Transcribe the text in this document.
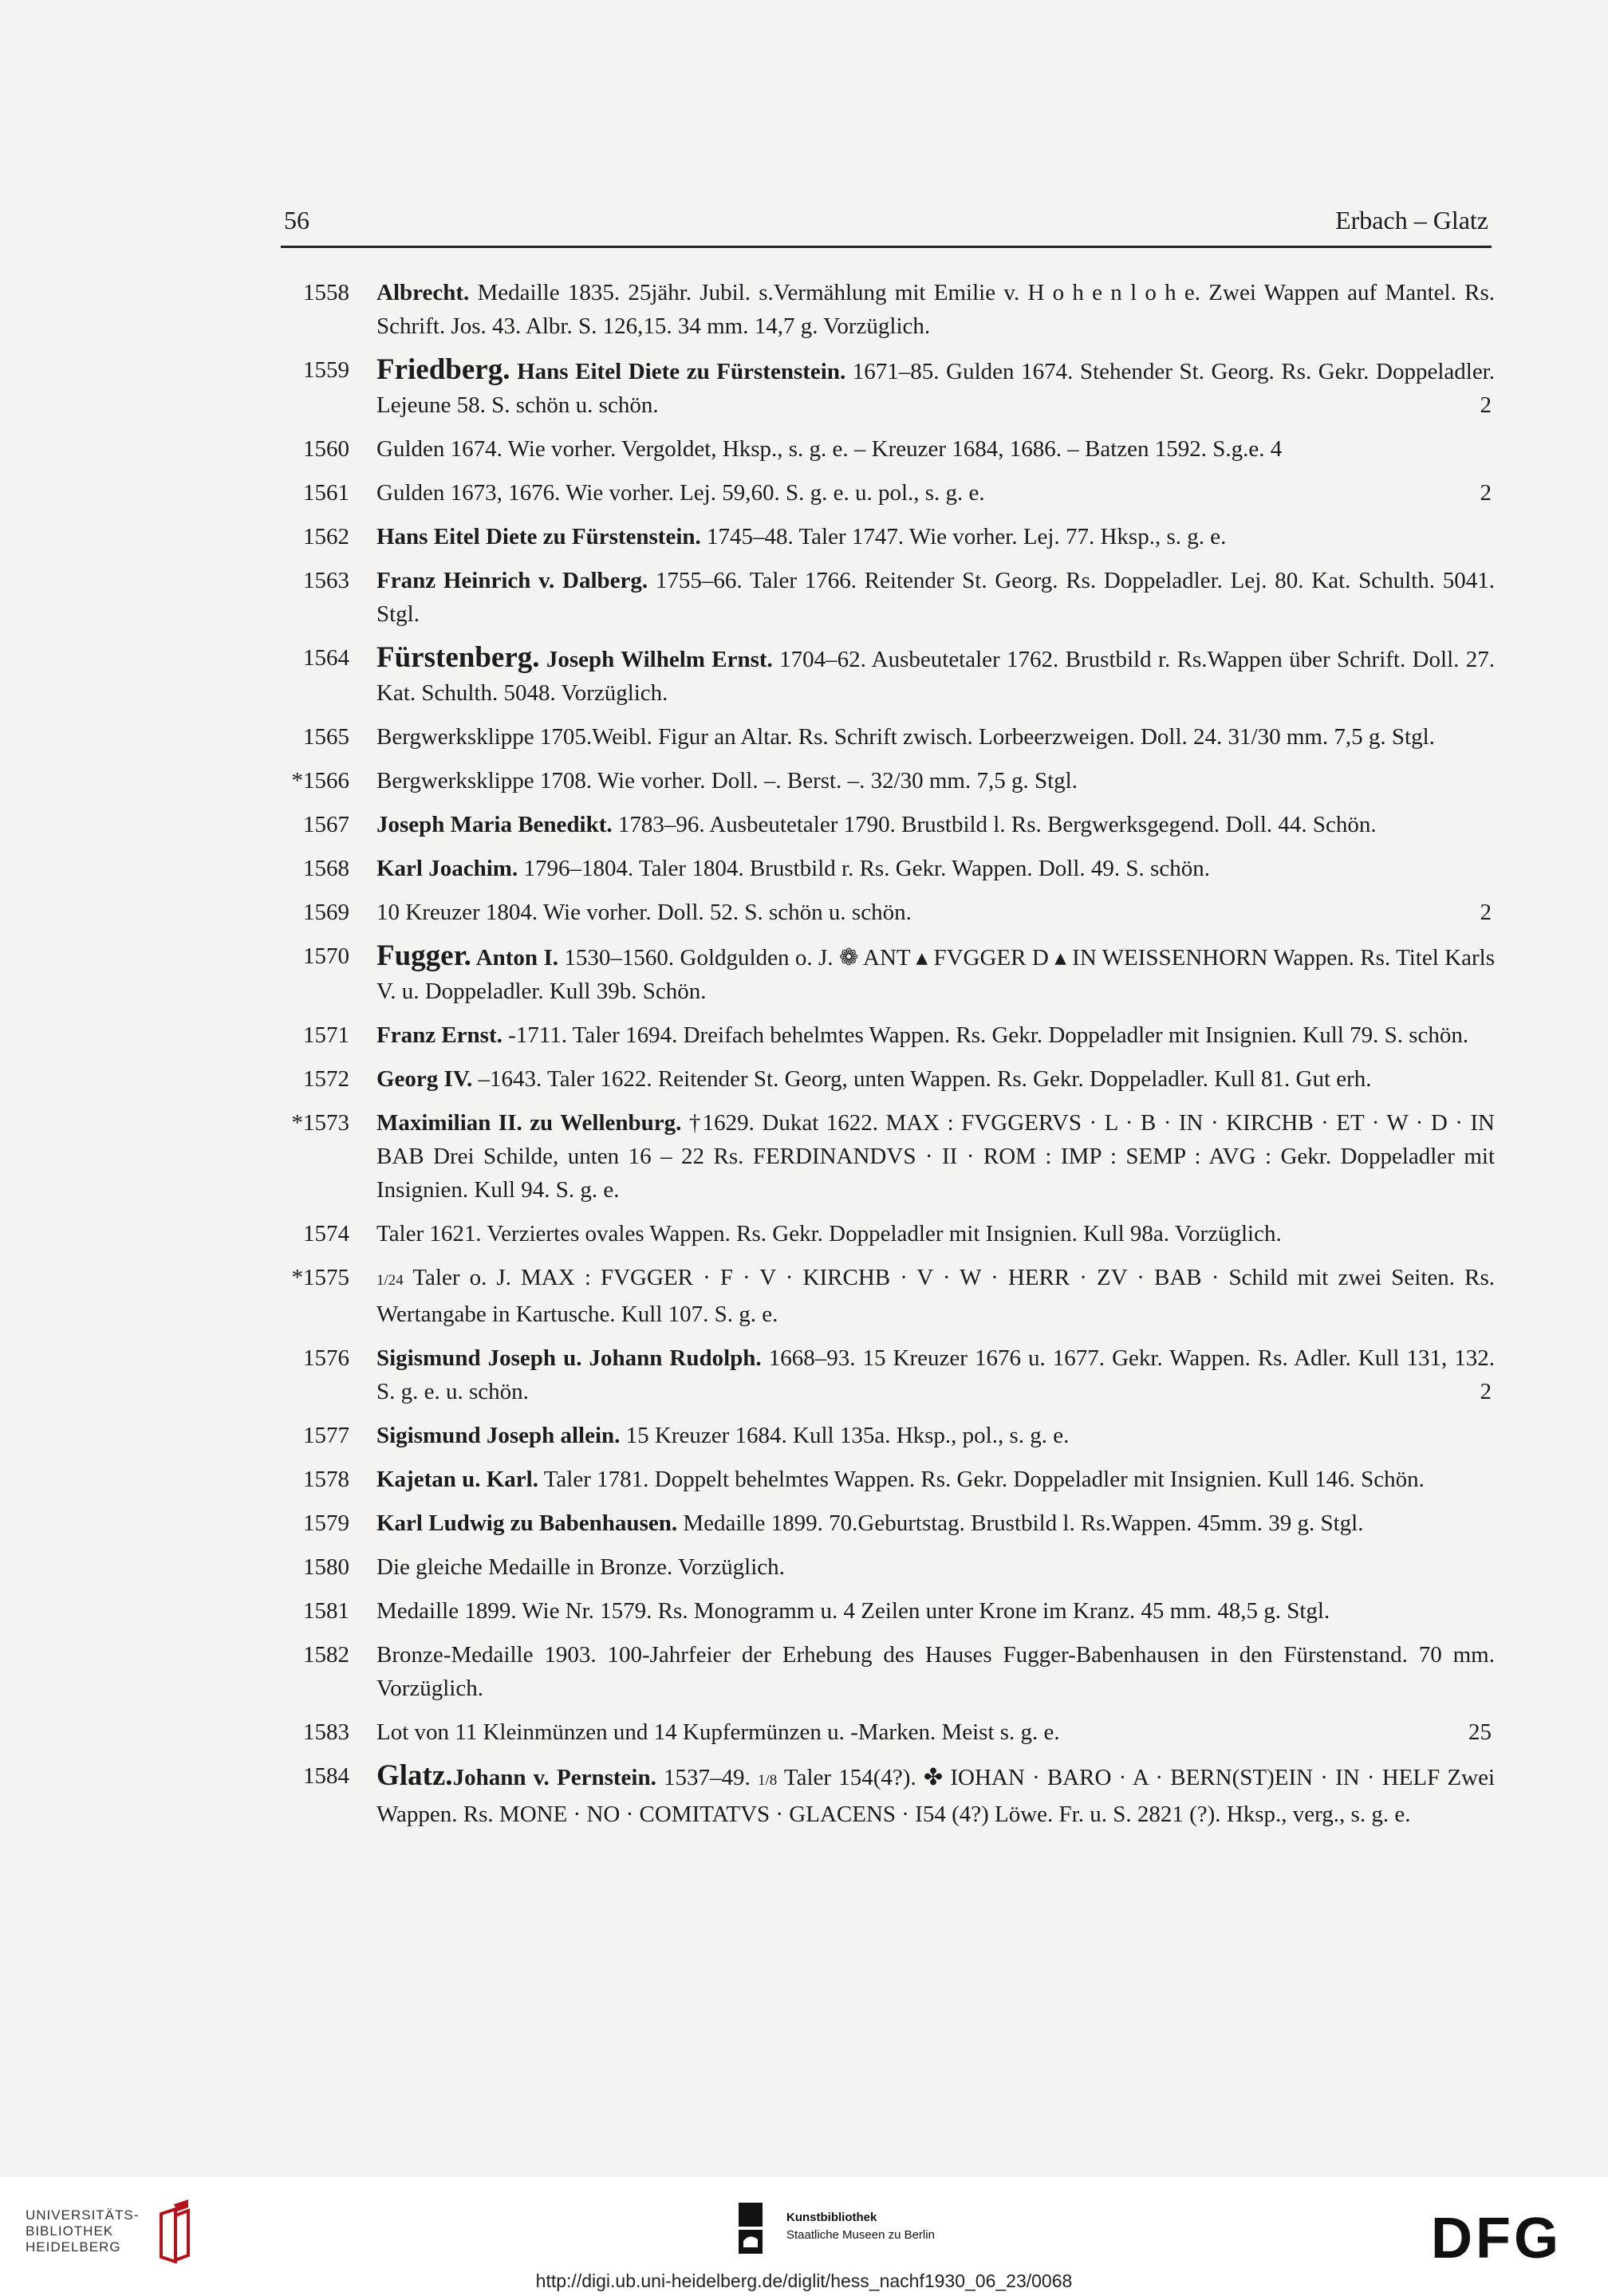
56	Erbach – Glatz
1558	Albrecht. Medaille 1835. 25jähr. Jubil. s.Vermählung mit Emilie v. H o h e n l o h e. Zwei Wappen auf Mantel. Rs. Schrift. Jos. 43. Albr. S. 126,15. 34 mm. 14,7 g. Vorzüglich.
1559 Friedberg. Hans Eitel Diete zu Fürstenstein. 1671–85. Gulden 1674. Stehender St. Georg. Rs. Gekr. Doppeladler. Lejeune 58. S. schön u. schön.	2
1560	Gulden 1674. Wie vorher. Vergoldet, Hksp., s. g. e. – Kreuzer 1684, 1686. – Batzen 1592. S.g.e. 4
1561	Gulden 1673, 1676. Wie vorher. Lej. 59,60. S. g. e. u. pol., s. g. e.	2
1562	Hans Eitel Diete zu Fürstenstein. 1745–48. Taler 1747. Wie vorher. Lej. 77. Hksp., s. g. e.
1563	Franz Heinrich v. Dalberg. 1755–66. Taler 1766. Reitender St. Georg. Rs. Doppeladler. Lej. 80. Kat. Schulth. 5041. Stgl.
1564 Fürstenberg. Joseph Wilhelm Ernst. 1704–62. Ausbeutetaler 1762. Brustbild r. Rs.Wappen über Schrift. Doll. 27. Kat. Schulth. 5048. Vorzüglich.
1565	Bergwerksklippe 1705.Weibl. Figur an Altar. Rs. Schrift zwisch. Lorbeerzweigen. Doll. 24. 31/30 mm. 7,5 g. Stgl.
*1566	Bergwerksklippe 1708. Wie vorher. Doll. –. Berst. –. 32/30 mm. 7,5 g. Stgl.
1567	Joseph Maria Benedikt. 1783–96. Ausbeutetaler 1790. Brustbild l. Rs. Bergwerksgegend. Doll. 44. Schön.
1568	Karl Joachim. 1796–1804. Taler 1804. Brustbild r. Rs. Gekr. Wappen. Doll. 49. S. schön.
1569	10 Kreuzer 1804. Wie vorher. Doll. 52. S. schön u. schön.	2
1570 Fugger. Anton I. 1530–1560. Goldgulden o. J. ❁ ANT ▴ FVGGER D ▴ IN WEISSENHORN Wappen. Rs. Titel Karls V. u. Doppeladler. Kull 39b. Schön.
1571	Franz Ernst. -1711. Taler 1694. Dreifach behelmtes Wappen. Rs. Gekr. Doppeladler mit Insignien. Kull 79. S. schön.
1572	Georg IV. –1643. Taler 1622. Reitender St. Georg, unten Wappen. Rs. Gekr. Doppeladler. Kull 81. Gut erh.
*1573	Maximilian II. zu Wellenburg. †1629. Dukat 1622. MAX : FVGGERVS · L · B · IN · KIRCHB · ET · W · D · IN BAB Drei Schilde, unten 16 – 22 Rs. FERDINANDVS · II · ROM : IMP : SEMP : AVG : Gekr. Doppeladler mit Insignien. Kull 94. S. g. e.
1574	Taler 1621. Verziertes ovales Wappen. Rs. Gekr. Doppeladler mit Insignien. Kull 98a. Vorzüglich.
*1575	1/24 Taler o. J. MAX : FVGGER · F · V · KIRCHB · V · W · HERR · ZV · BAB · Schild mit zwei Seiten. Rs. Wertangabe in Kartusche. Kull 107. S. g. e.
1576	Sigismund Joseph u. Johann Rudolph. 1668–93. 15 Kreuzer 1676 u. 1677. Gekr. Wappen. Rs. Adler. Kull 131, 132. S. g. e. u. schön.	2
1577	Sigismund Joseph allein. 15 Kreuzer 1684. Kull 135a. Hksp., pol., s. g. e.
1578	Kajetan u. Karl. Taler 1781. Doppelt behelmtes Wappen. Rs. Gekr. Doppeladler mit Insignien. Kull 146. Schön.
1579	Karl Ludwig zu Babenhausen. Medaille 1899. 70.Geburtstag. Brustbild l. Rs.Wappen. 45mm. 39 g. Stgl.
1580	Die gleiche Medaille in Bronze. Vorzüglich.
1581	Medaille 1899. Wie Nr. 1579. Rs. Monogramm u. 4 Zeilen unter Krone im Kranz. 45 mm. 48,5 g. Stgl.
1582	Bronze-Medaille 1903. 100-Jahrfeier der Erhebung des Hauses Fugger-Babenhausen in den Fürstenstand. 70 mm. Vorzüglich.
1583	Lot von 11 Kleinmünzen und 14 Kupfermünzen u. -Marken. Meist s. g. e.	25
1584 Glatz.Johann v. Pernstein. 1537–49. 1/8 Taler 154(4?). ✤ IOHAN · BARO · A · BERN(ST)EIN · IN · HELF Zwei Wappen. Rs. MONE · NO · COMITATVS · GLACENS · I54 (4?) Löwe. Fr. u. S. 2821 (?). Hksp., verg., s. g. e.
UNIVERSITÄTS-
BIBLIOTHEK
HEIDELBERG
Kunstbibliothek
Staatliche Museen zu Berlin	DFG
http://digi.ub.uni-heidelberg.de/diglit/hess_nachf1930_06_23/0068
